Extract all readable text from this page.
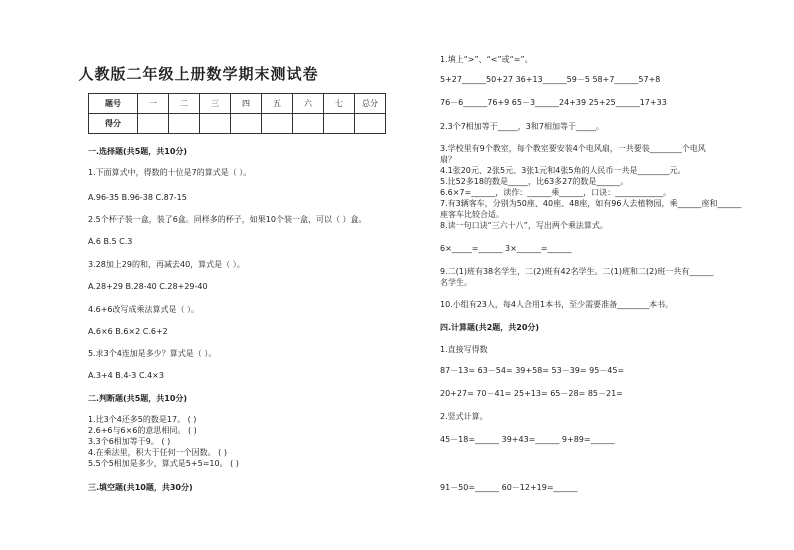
人教版二年级上册数学期末测试卷
题号	一	二	三	四	五	六	七	总分
得分								
一.选择题(共5题，共10分)
1.下面算式中，得数的十位是7的算式是（ ）。
A.96-35 B.96-38 C.87-15
2.5个杯子装一盒，装了6盒。同样多的杯子，如果10个装一盒，可以（ ）盒。
A.6 B.5 C.3
3.28加上29的和，再减去40，算式是（ ）。
A.28+29 B.28-40 C.28+29-40
4.6+6改写成乘法算式是（ ）。
A.6×6 B.6×2 C.6+2
5.求3个4连加是多少？算式是（ ）。
A.3+4 B.4-3 C.4×3
二.判断题(共5题，共10分)
1.比3个4还多5的数是17。 ( )
2.6+6与6×6的意思相同。 ( )
3.3个6相加等于9。 ( )
4.在乘法里，积大于任何一个因数。 ( )
5.5个5相加是多少，算式是5+5=10。 ( )
三.填空题(共10题，共30分)
1.填上“>”、“<”或“=”。
5+27______50+27 36+13______59－5 58+7______57+8
76－6______76+9 65－3______24+39 25+25______17+33
2.3个7相加等于_____，3和7相加等于_____。
3.学校里有9个教室，每个教室要安装4个电风扇，一共要装________个电风
扇？
4.1张20元、2张5元、3张1元和4张5角的人民币一共是________元。
5.比52多18的数是_____，比63多27的数是______。
6.6×7=______，读作：______乘______，口诀：____________。
7.有3辆客车，分别为50座、40座、48座，如有96人去植物园，乘______座和______
座客车比较合适。
8.读一句口诀“三六十八”，写出两个乘法算式。
6×_____=______ 3×______=______
9.二(1)班有38名学生，二(2)班有42名学生。二(1)班和二(2)班一共有______
名学生。
10.小组有23人，每4人合用1本书，至少需要准备________本书。
四.计算题(共2题，共20分)
1.直接写得数
87－13= 63－54= 39+58= 53－39= 95－45=
20+27= 70－41= 25+13= 65－28= 85－21=
2.竖式计算。
45－18=______ 39+43=______ 9+89=______
91－50=______ 60－12+19=______
